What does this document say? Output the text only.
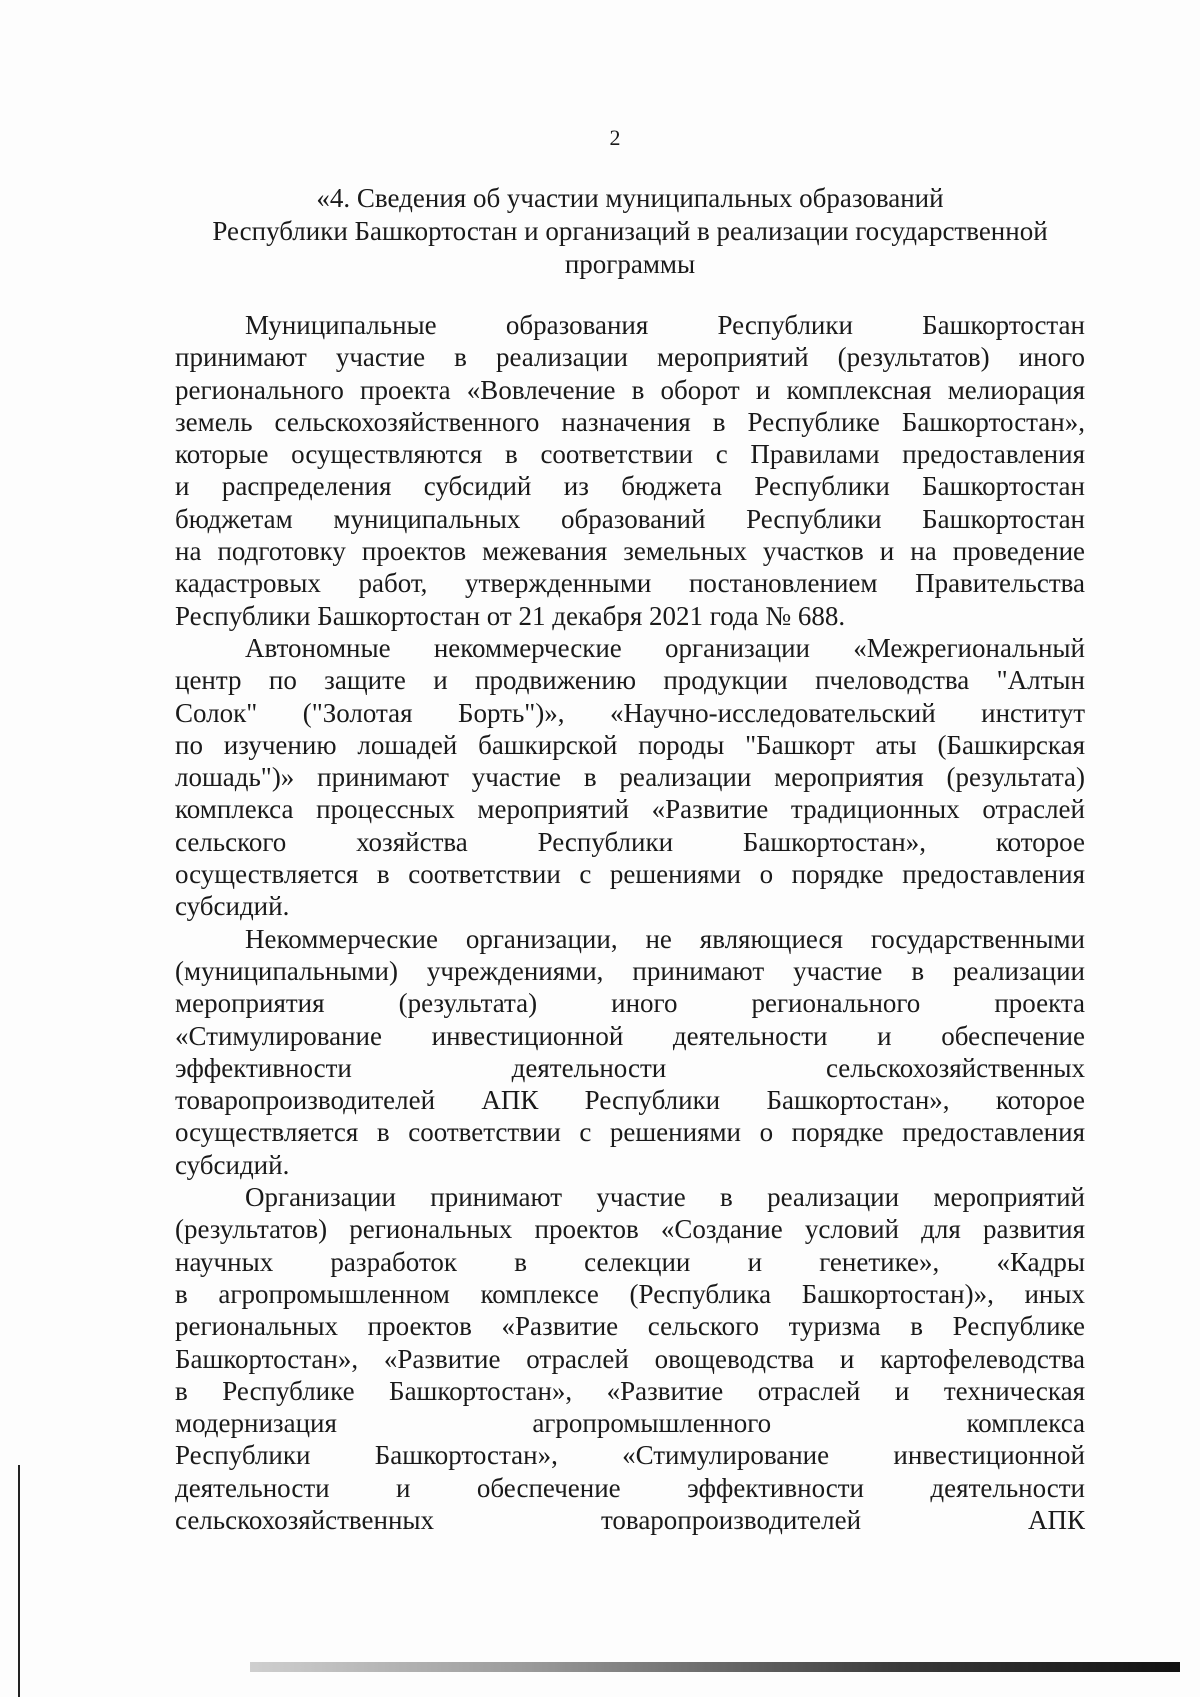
2
«4. Сведения об участии муниципальных образований
Республики Башкортостан и организаций в реализации государственной
программы
Муниципальные образования Республики Башкортостан
принимают участие в реализации мероприятий (результатов) иного
регионального проекта «Вовлечение в оборот и комплексная мелиорация
земель сельскохозяйственного назначения в Республике Башкортостан»,
которые осуществляются в соответствии с Правилами предоставления
и распределения субсидий из бюджета Республики Башкортостан
бюджетам муниципальных образований Республики Башкортостан
на подготовку проектов межевания земельных участков и на проведение
кадастровых работ, утвержденными постановлением Правительства
Республики Башкортостан от 21 декабря 2021 года № 688.
Автономные некоммерческие организации «Межрегиональный
центр по защите и продвижению продукции пчеловодства "Алтын
Солок" ("Золотая Борть")», «Научно-исследовательский институт
по изучению лошадей башкирской породы "Башкорт аты (Башкирская
лошадь")» принимают участие в реализации мероприятия (результата)
комплекса процессных мероприятий «Развитие традиционных отраслей
сельского хозяйства Республики Башкортостан», которое
осуществляется в соответствии с решениями о порядке предоставления
субсидий.
Некоммерческие организации, не являющиеся государственными
(муниципальными) учреждениями, принимают участие в реализации
мероприятия (результата) иного регионального проекта
«Стимулирование инвестиционной деятельности и обеспечение
эффективности деятельности сельскохозяйственных
товаропроизводителей АПК Республики Башкортостан», которое
осуществляется в соответствии с решениями о порядке предоставления
субсидий.
Организации принимают участие в реализации мероприятий
(результатов) региональных проектов «Создание условий для развития
научных разработок в селекции и генетике», «Кадры
в агропромышленном комплексе (Республика Башкортостан)», иных
региональных проектов «Развитие сельского туризма в Республике
Башкортостан», «Развитие отраслей овощеводства и картофелеводства
в Республике Башкортостан», «Развитие отраслей и техническая
модернизация агропромышленного комплекса
Республики Башкортостан», «Стимулирование инвестиционной
деятельности и обеспечение эффективности деятельности
сельскохозяйственных товаропроизводителей АПК
